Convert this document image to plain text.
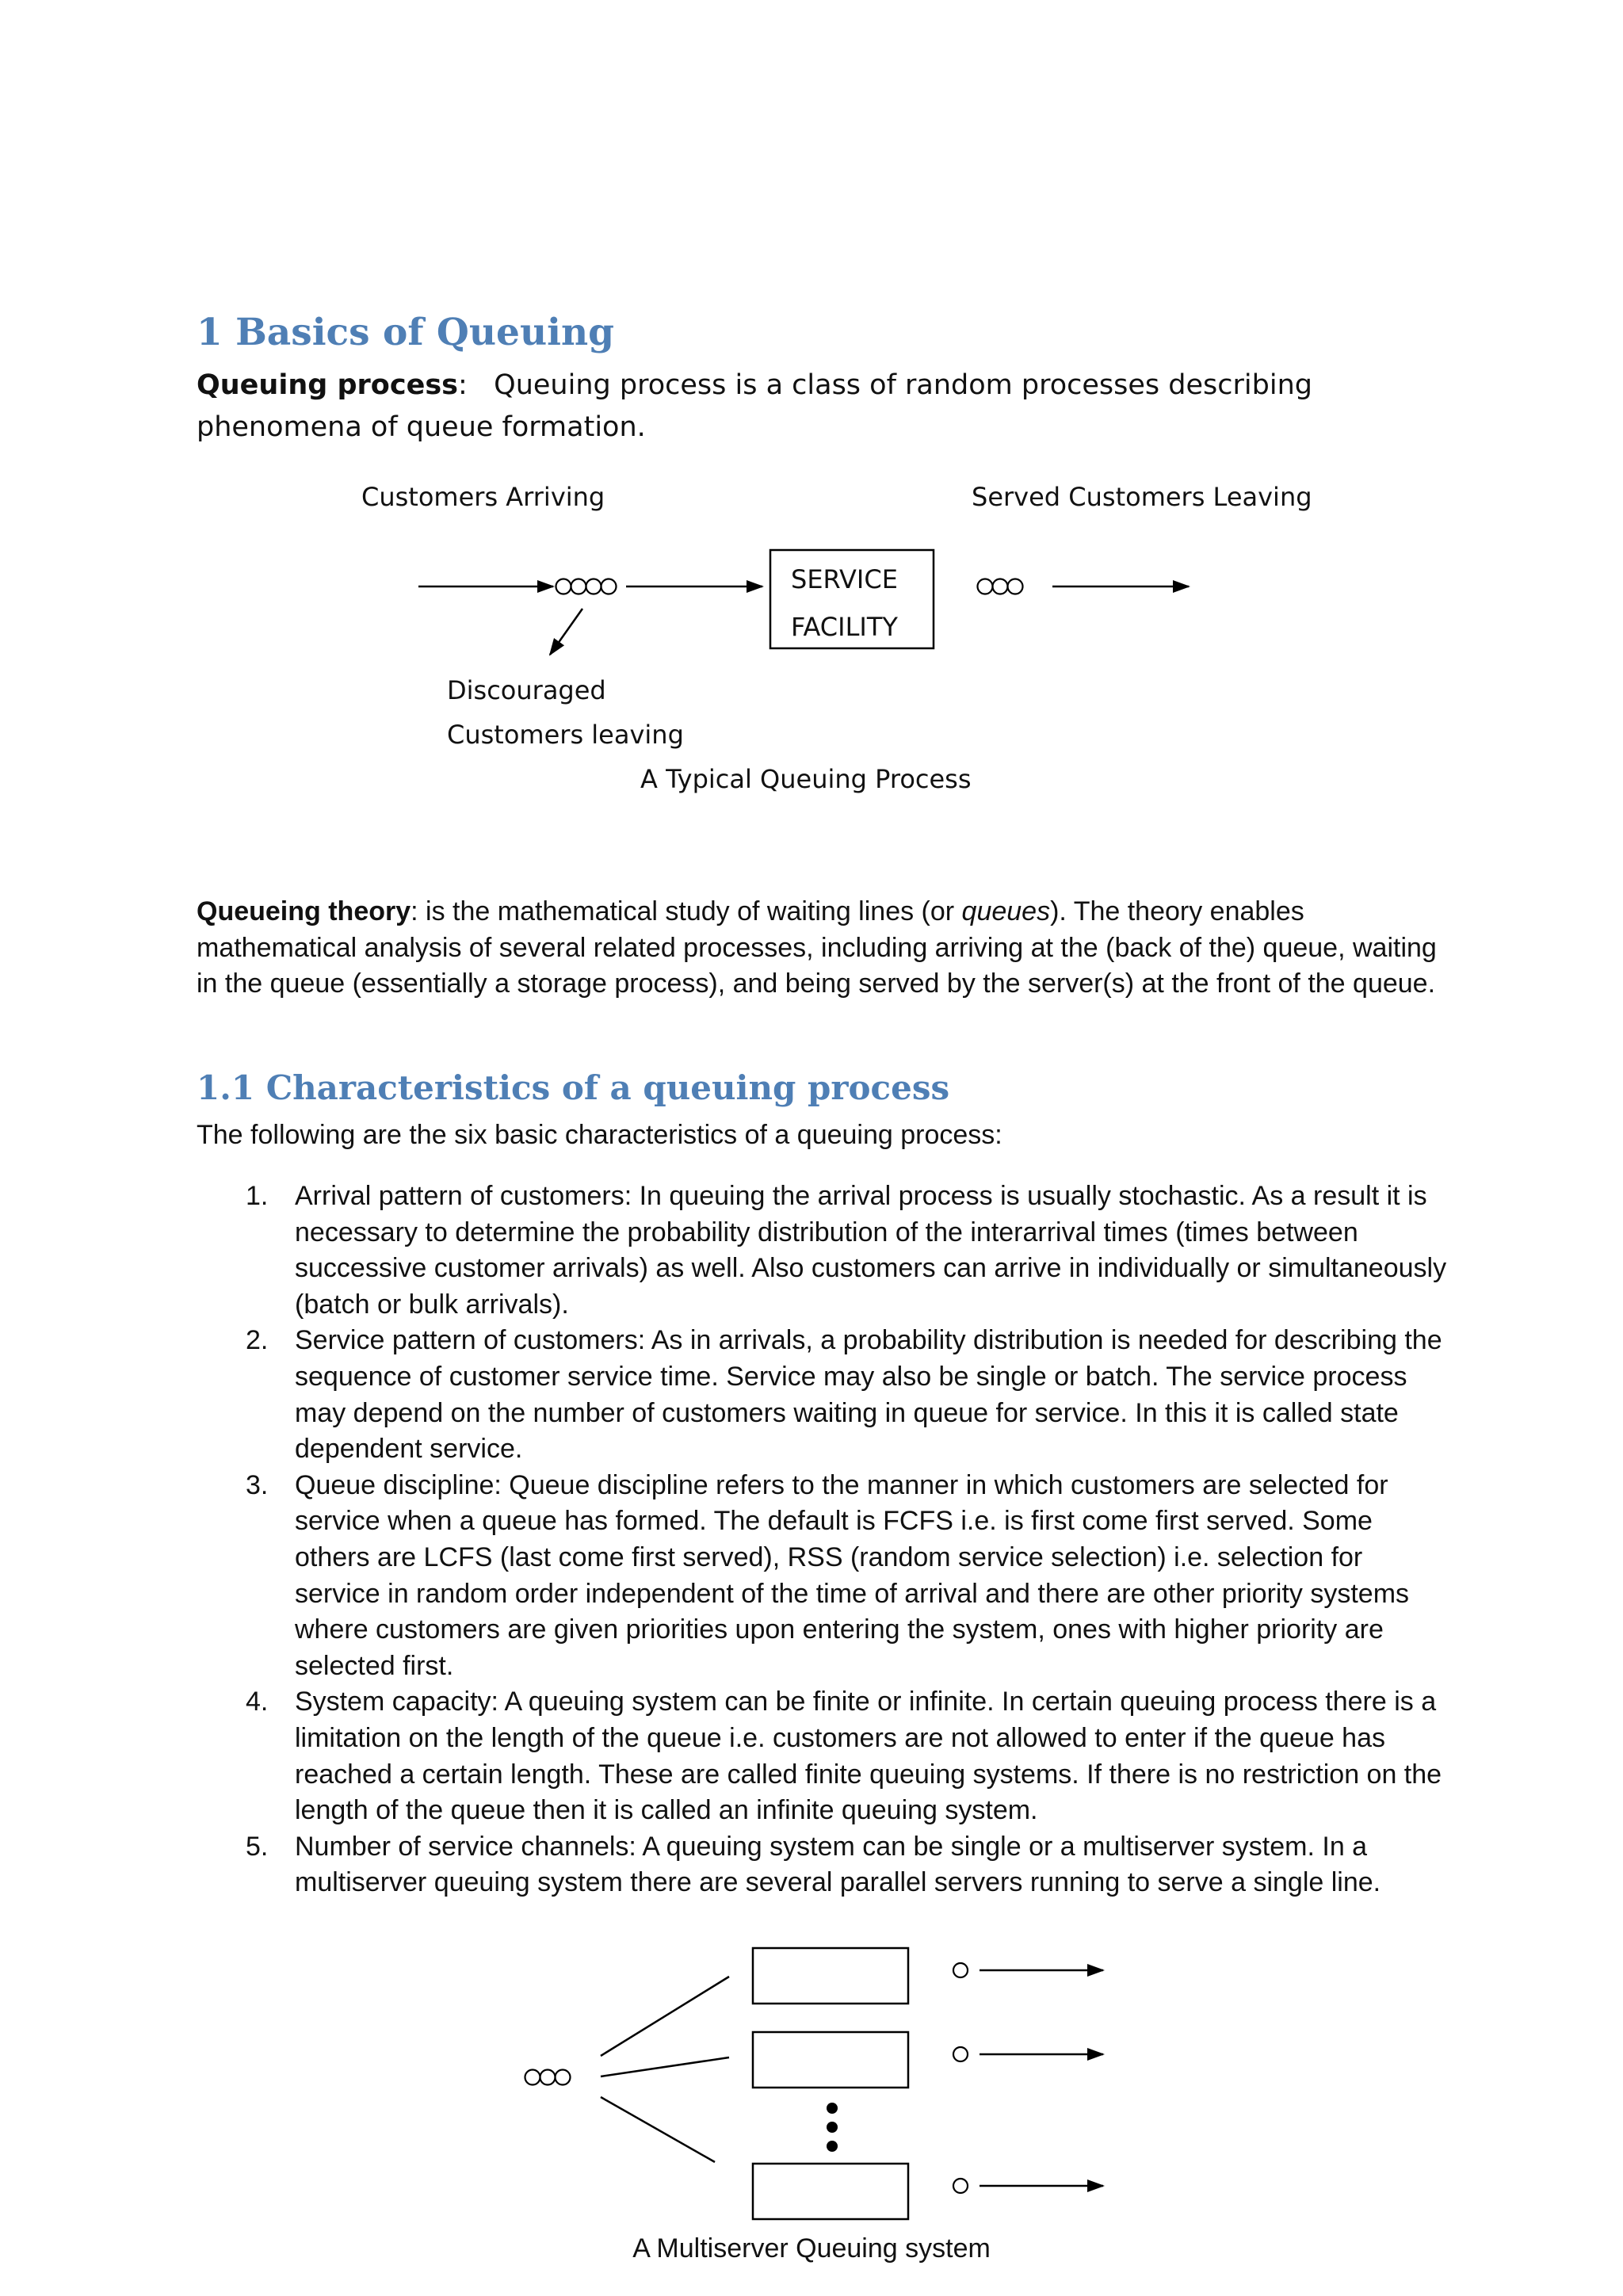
1 Basics of Queuing
Queuing process:   Queuing process is a class of random processes describing phenomena of queue formation.
Customers Arriving	Served Customers Leaving
SERVICE
FACILITY
Discouraged
Customers leaving
A Typical Queuing Process
Queueing theory: is the mathematical study of waiting lines (or queues). The theory enables mathematical analysis of several related processes, including arriving at the (back of the) queue, waiting in the queue (essentially a storage process), and being served by the server(s) at the front of the queue.
1.1 Characteristics of a queuing process
The following are the six basic characteristics of a queuing process:
1. Arrival pattern of customers: In queuing the arrival process is usually stochastic. As a result it is necessary to determine the probability distribution of the interarrival times (times between successive customer arrivals) as well. Also customers can arrive in individually or simultaneously (batch or bulk arrivals).
2. Service pattern of customers: As in arrivals, a probability distribution is needed for describing the sequence of customer service time. Service may also be single or batch. The service process may depend on the number of customers waiting in queue for service. In this it is called state dependent service.
3. Queue discipline: Queue discipline refers to the manner in which customers are selected for service when a queue has formed. The default is FCFS i.e. is first come first served. Some others are LCFS (last come first served), RSS (random service selection) i.e. selection for service in random order independent of the time of arrival and there are other priority systems where customers are given priorities upon entering the system, ones with higher priority are selected first.
4. System capacity: A queuing system can be finite or infinite. In certain queuing process there is a limitation on the length of the queue i.e. customers are not allowed to enter if the queue has reached a certain length. These are called finite queuing systems. If there is no restriction on the length of the queue then it is called an infinite queuing system.
5. Number of service channels: A queuing system can be single or a multiserver system. In a multiserver queuing system there are several parallel servers running to serve a single line.
A Multiserver Queuing system
